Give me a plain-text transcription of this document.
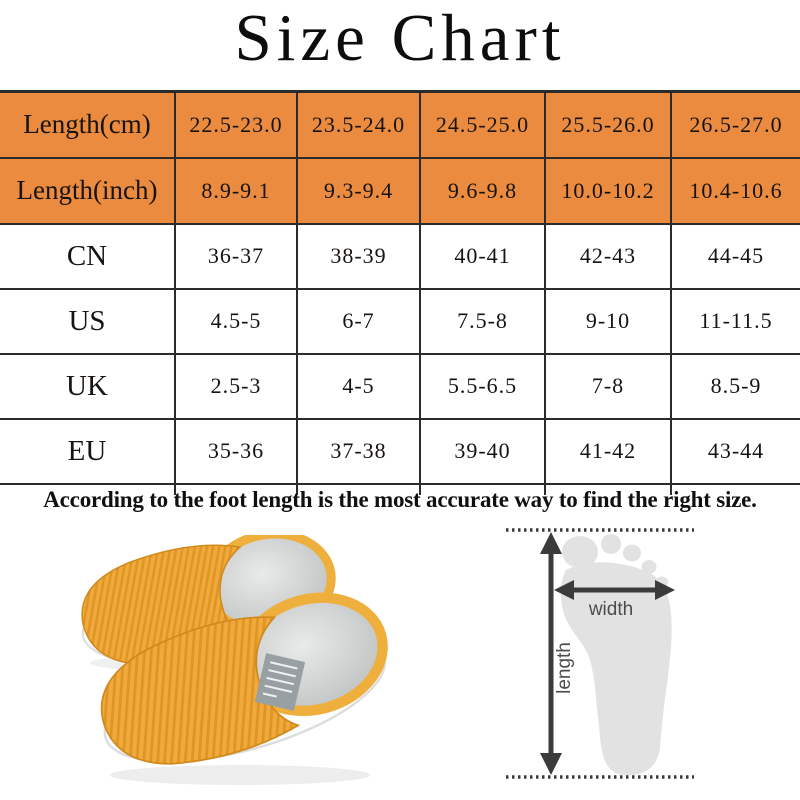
Size Chart
Length(cm)	22.5-23.0	23.5-24.0	24.5-25.0	25.5-26.0	26.5-27.0
Length(inch)	8.9-9.1	9.3-9.4	9.6-9.8	10.0-10.2	10.4-10.6
CN	36-37	38-39	40-41	42-43	44-45
US	4.5-5	6-7	7.5-8	9-10	11-11.5
UK	2.5-3	4-5	5.5-6.5	7-8	8.5-9
EU	35-36	37-38	39-40	41-42	43-44

According to the foot length is the most accurate way to find the right size.

width
length
